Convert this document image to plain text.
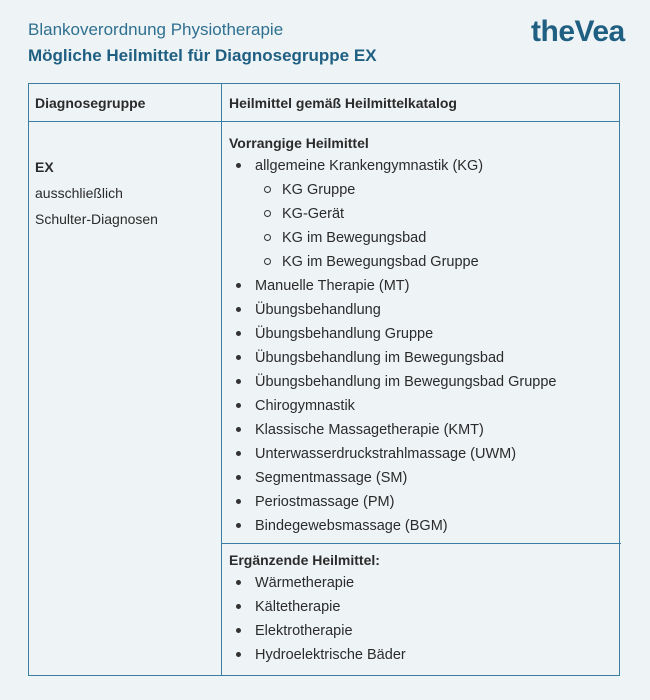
Blankoverordnung Physiotherapie
Mögliche Heilmittel für Diagnosegruppe EX
theVea
Diagnosegruppe	Heilmittel gemäß Heilmittelkatalog
EX
ausschließlich
Schulter-Diagnosen
Vorrangige Heilmittel
allgemeine Krankengymnastik (KG)
KG Gruppe
KG-Gerät
KG im Bewegungsbad
KG im Bewegungsbad Gruppe
Manuelle Therapie (MT)
Übungsbehandlung
Übungsbehandlung Gruppe
Übungsbehandlung im Bewegungsbad
Übungsbehandlung im Bewegungsbad Gruppe
Chirogymnastik
Klassische Massagetherapie (KMT)
Unterwasserdruckstrahlmassage (UWM)
Segmentmassage (SM)
Periostmassage (PM)
Bindegewebsmassage (BGM)
Ergänzende Heilmittel:
Wärmetherapie
Kältetherapie
Elektrotherapie
Hydroelektrische Bäder
